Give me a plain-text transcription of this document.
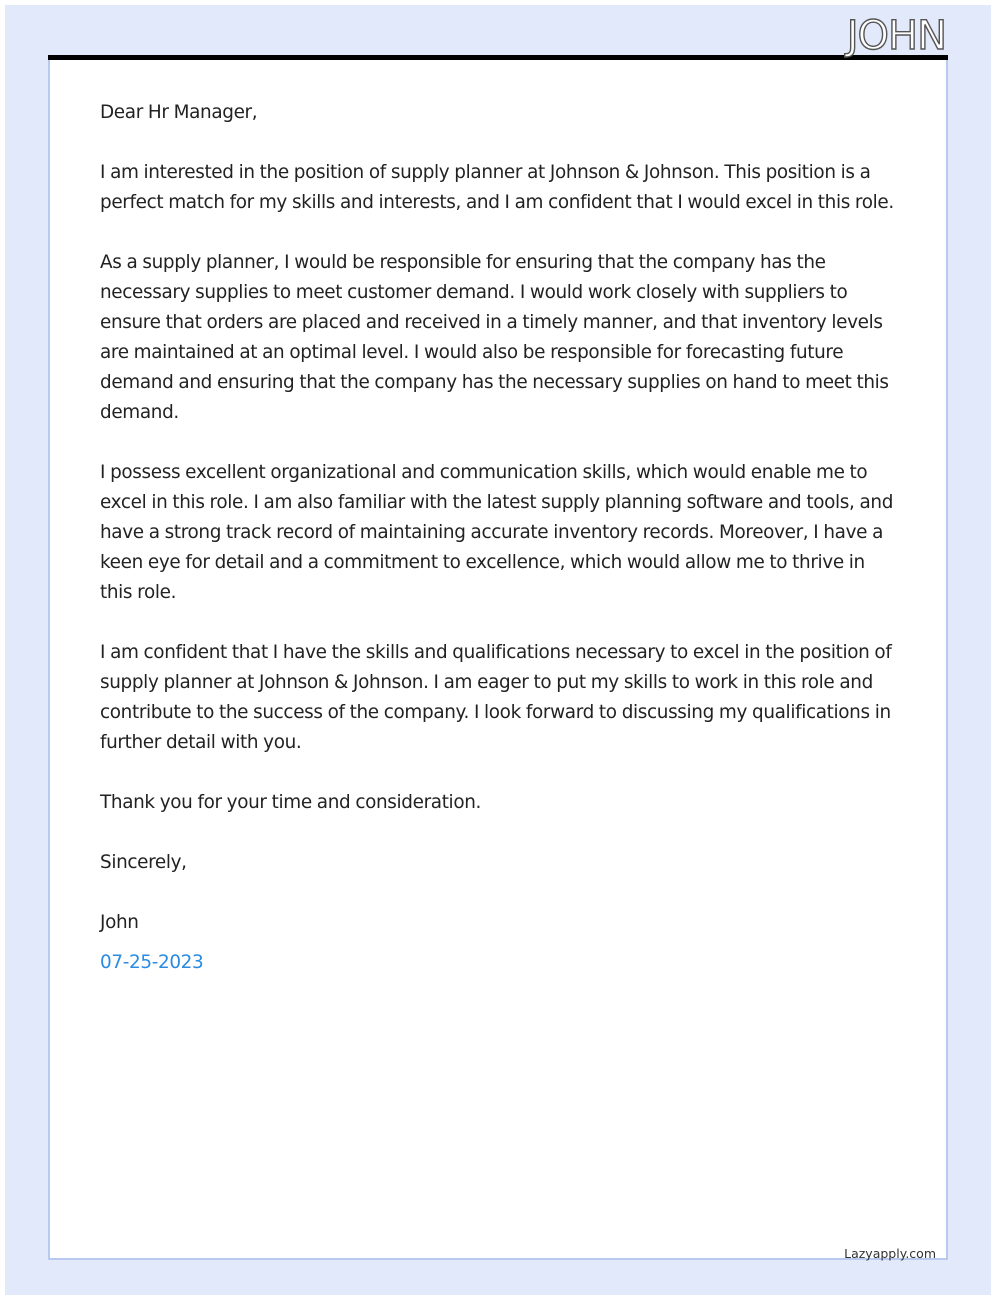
JOHN

Dear Hr Manager,

I am interested in the position of supply planner at Johnson & Johnson. This position is a perfect match for my skills and interests, and I am confident that I would excel in this role.

As a supply planner, I would be responsible for ensuring that the company has the necessary supplies to meet customer demand. I would work closely with suppliers to ensure that orders are placed and received in a timely manner, and that inventory levels are maintained at an optimal level. I would also be responsible for forecasting future demand and ensuring that the company has the necessary supplies on hand to meet this demand.

I possess excellent organizational and communication skills, which would enable me to excel in this role. I am also familiar with the latest supply planning software and tools, and have a strong track record of maintaining accurate inventory records. Moreover, I have a keen eye for detail and a commitment to excellence, which would allow me to thrive in this role.

I am confident that I have the skills and qualifications necessary to excel in the position of supply planner at Johnson & Johnson. I am eager to put my skills to work in this role and contribute to the success of the company. I look forward to discussing my qualifications in further detail with you.

Thank you for your time and consideration.

Sincerely,

John

07-25-2023

Lazyapply.com
